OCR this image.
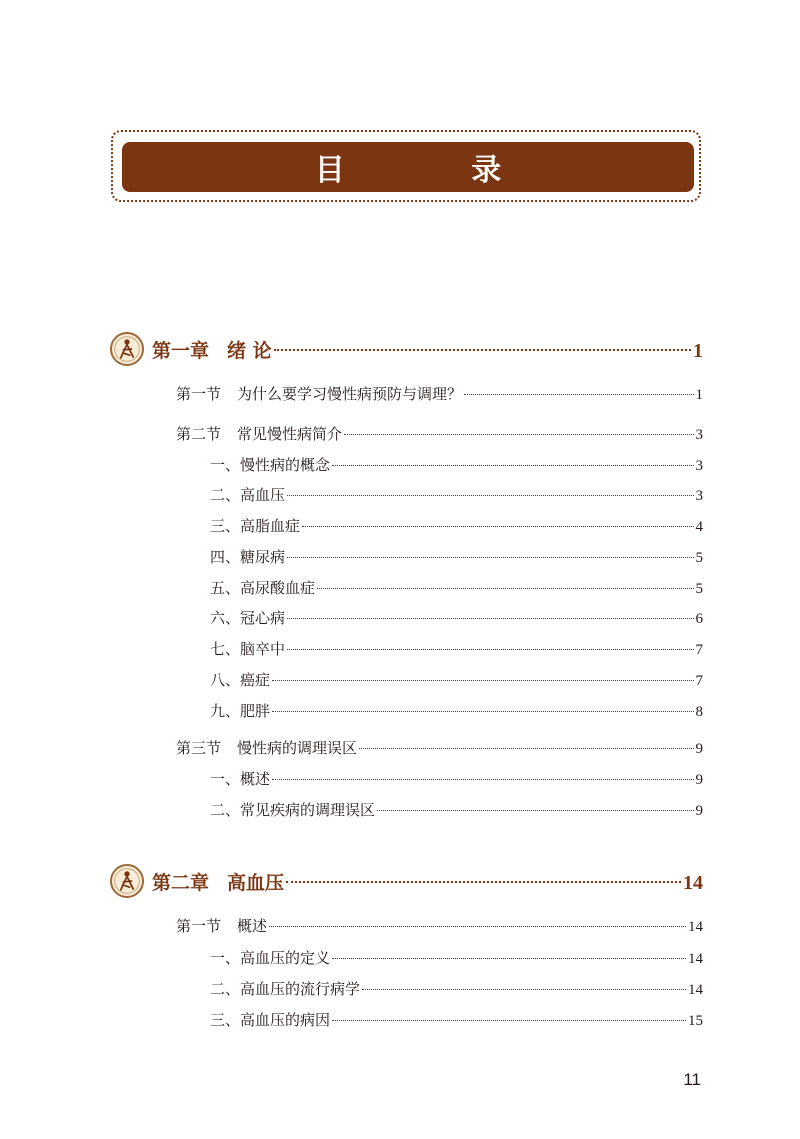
目 录
第一章 绪 论	1
第一节 为什么要学习慢性病预防与调理？	1
第二节 常见慢性病简介	3
一、慢性病的概念	3
二、高血压	3
三、高脂血症	4
四、糖尿病	5
五、高尿酸血症	5
六、冠心病	6
七、脑卒中	7
八、癌症	7
九、肥胖	8
第三节 慢性病的调理误区	9
一、概述	9
二、常见疾病的调理误区	9
第二章 高血压	14
第一节 概述	14
一、高血压的定义	14
二、高血压的流行病学	14
三、高血压的病因	15
11
